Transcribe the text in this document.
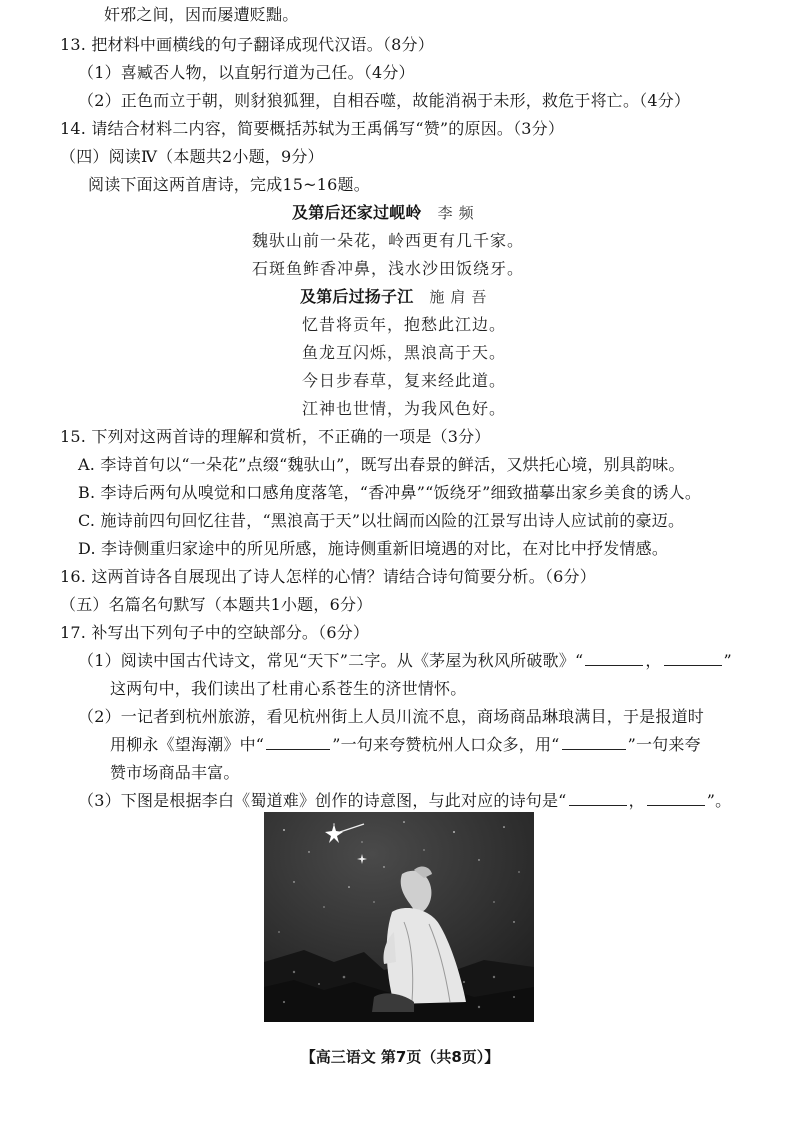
奸邪之间，因而屡遭贬黜。
13. 把材料中画横线的句子翻译成现代汉语。（8分）
（1）喜臧否人物，以直躬行道为己任。（4分）
（2）正色而立于朝，则豺狼狐狸，自相吞噬，故能消祸于未形，救危于将亡。（4分）
14. 请结合材料二内容，简要概括苏轼为王禹偁写“赞”的原因。（3分）
（四）阅读Ⅳ（本题共2小题，9分）
阅读下面这两首唐诗，完成15~16题。
及第后还家过岘岭 李频
魏驮山前一朵花，岭西更有几千家。
石斑鱼鲊香冲鼻，浅水沙田饭绕牙。
及第后过扬子江 施肩吾
忆昔将贡年，抱愁此江边。
鱼龙互闪烁，黑浪高于天。
今日步春草，复来经此道。
江神也世情，为我风色好。
15. 下列对这两首诗的理解和赏析，不正确的一项是（3分）
A. 李诗首句以“一朵花”点缀“魏驮山”，既写出春景的鲜活，又烘托心境，别具韵味。
B. 李诗后两句从嗅觉和口感角度落笔，“香冲鼻”“饭绕牙”细致描摹出家乡美食的诱人。
C. 施诗前四句回忆往昔，“黑浪高于天”以壮阔而凶险的江景写出诗人应试前的豪迈。
D. 李诗侧重归家途中的所见所感，施诗侧重新旧境遇的对比，在对比中抒发情感。
16. 这两首诗各自展现出了诗人怎样的心情？请结合诗句简要分析。（6分）
（五）名篇名句默写（本题共1小题，6分）
17. 补写出下列句子中的空缺部分。（6分）
（1）阅读中国古代诗文，常见“天下”二字。从《茅屋为秋风所破歌》“	，	”
这两句中，我们读出了杜甫心系苍生的济世情怀。
（2）一记者到杭州旅游，看见杭州街上人员川流不息，商场商品琳琅满目，于是报道时
用柳永《望海潮》中“	”一句来夸赞杭州人口众多，用“	”一句来夸
赞市场商品丰富。
（3）下图是根据李白《蜀道难》创作的诗意图，与此对应的诗句是“	，	”。
【高三语文 第7页（共8页）】
